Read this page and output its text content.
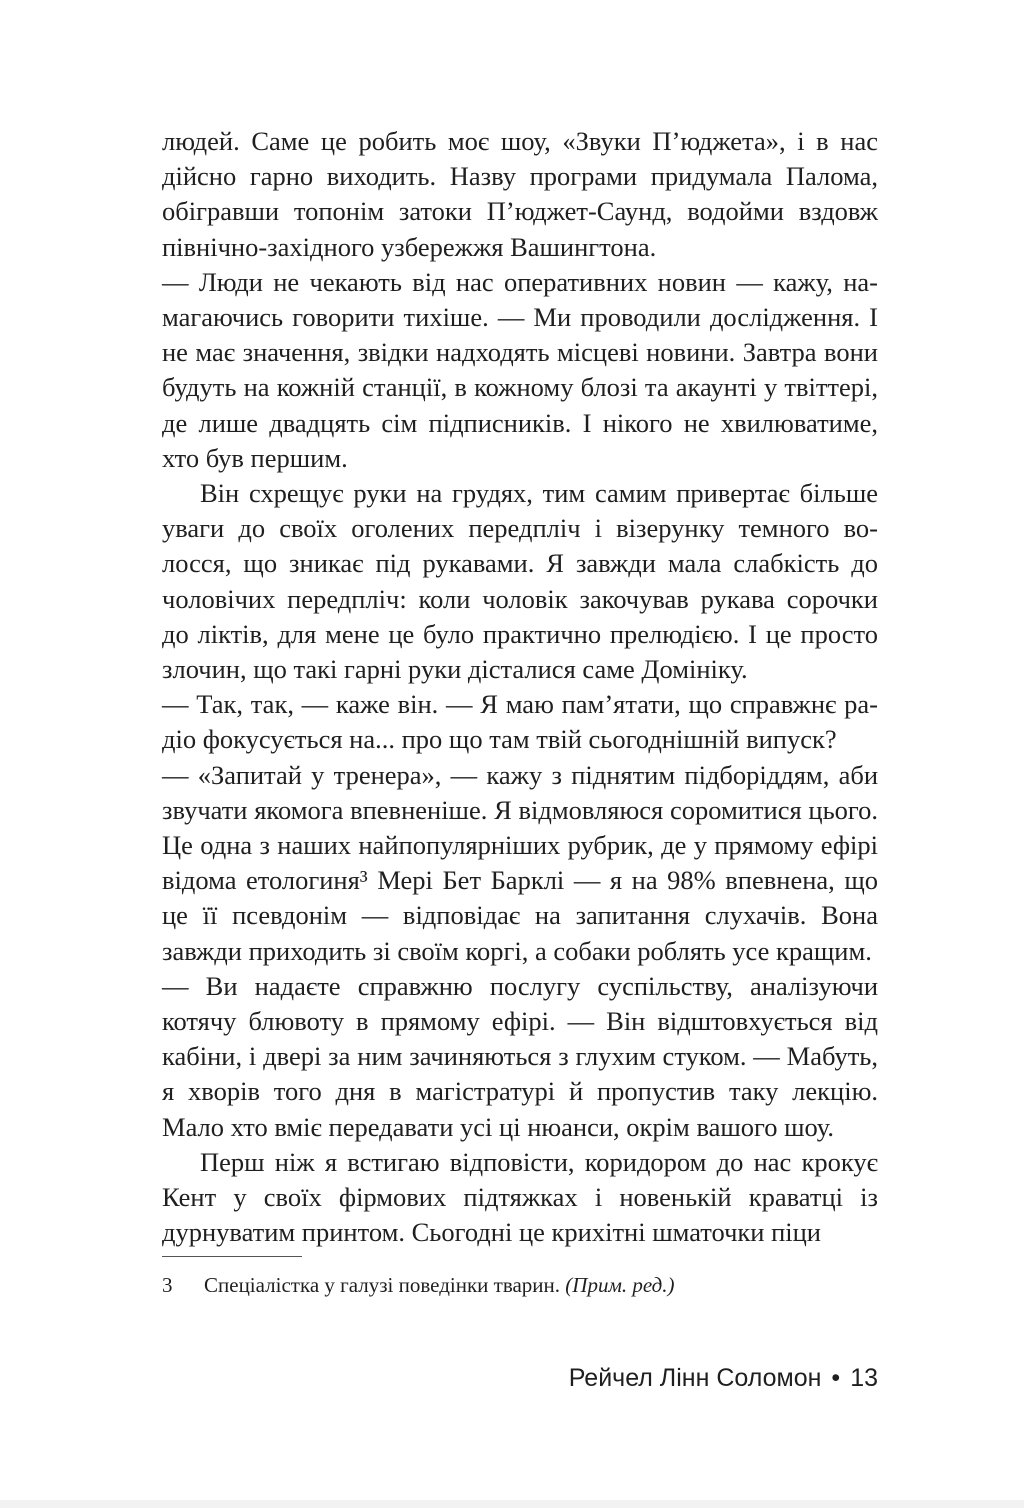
людей. Саме це робить моє шоу, «Звуки П’юджета», і в нас дійсно гарно виходить. Назву програми придумала Палома, обігравши топонім затоки П’юджет-Саунд, водойми вздовж північно-західного узбережжя Вашингтона.

— Люди не чекають від нас оперативних новин — кажу, намагаючись говорити тихіше. — Ми проводили дослідження. І не має значення, звідки надходять місцеві новини. Завтра вони будуть на кожній станції, в кожному блозі та акаунті у твіттері, де лише двадцять сім підписників. І нікого не хвилюватиме, хто був першим.

Він схрещує руки на грудях, тим самим привертає більше уваги до своїх оголених передпліч і візерунку темного волосся, що зникає під рукавами. Я завжди мала слабкість до чоловічих передпліч: коли чоловік закочував рукава сорочки до ліктів, для мене це було практично прелюдією. І це просто злочин, що такі гарні руки дісталися саме Домініку.

— Так, так, — каже він. — Я маю пам’ятати, що справжнє радіо фокусується на... про що там твій сьогоднішній випуск?

— «Запитай у тренера», — кажу з піднятим підборіддям, аби звучати якомога впевненіше. Я відмовляюся соромитися цього. Це одна з наших найпопулярніших рубрик, де у прямому ефірі відома етологиня³ Мері Бет Барклі — я на 98% впевнена, що це її псевдонім — відповідає на запитання слухачів. Вона завжди приходить зі своїм коргі, а собаки роблять усе кращим.

— Ви надаєте справжню послугу суспільству, аналізуючи котячу блювоту в прямому ефірі. — Він відштовхується від кабіни, і двері за ним зачиняються з глухим стуком. — Мабуть, я хворів того дня в магістратурі й пропустив таку лекцію. Мало хто вміє передавати усі ці нюанси, окрім вашого шоу.

Перш ніж я встигаю відповісти, коридором до нас крокує Кент у своїх фірмових підтяжках і новенькій краватці із дурнуватим принтом. Сьогодні це крихітні шматочки піци

3 Спеціалістка у галузі поведінки тварин. (Прим. ред.)
Рейчел Лінн Соломон • 13
